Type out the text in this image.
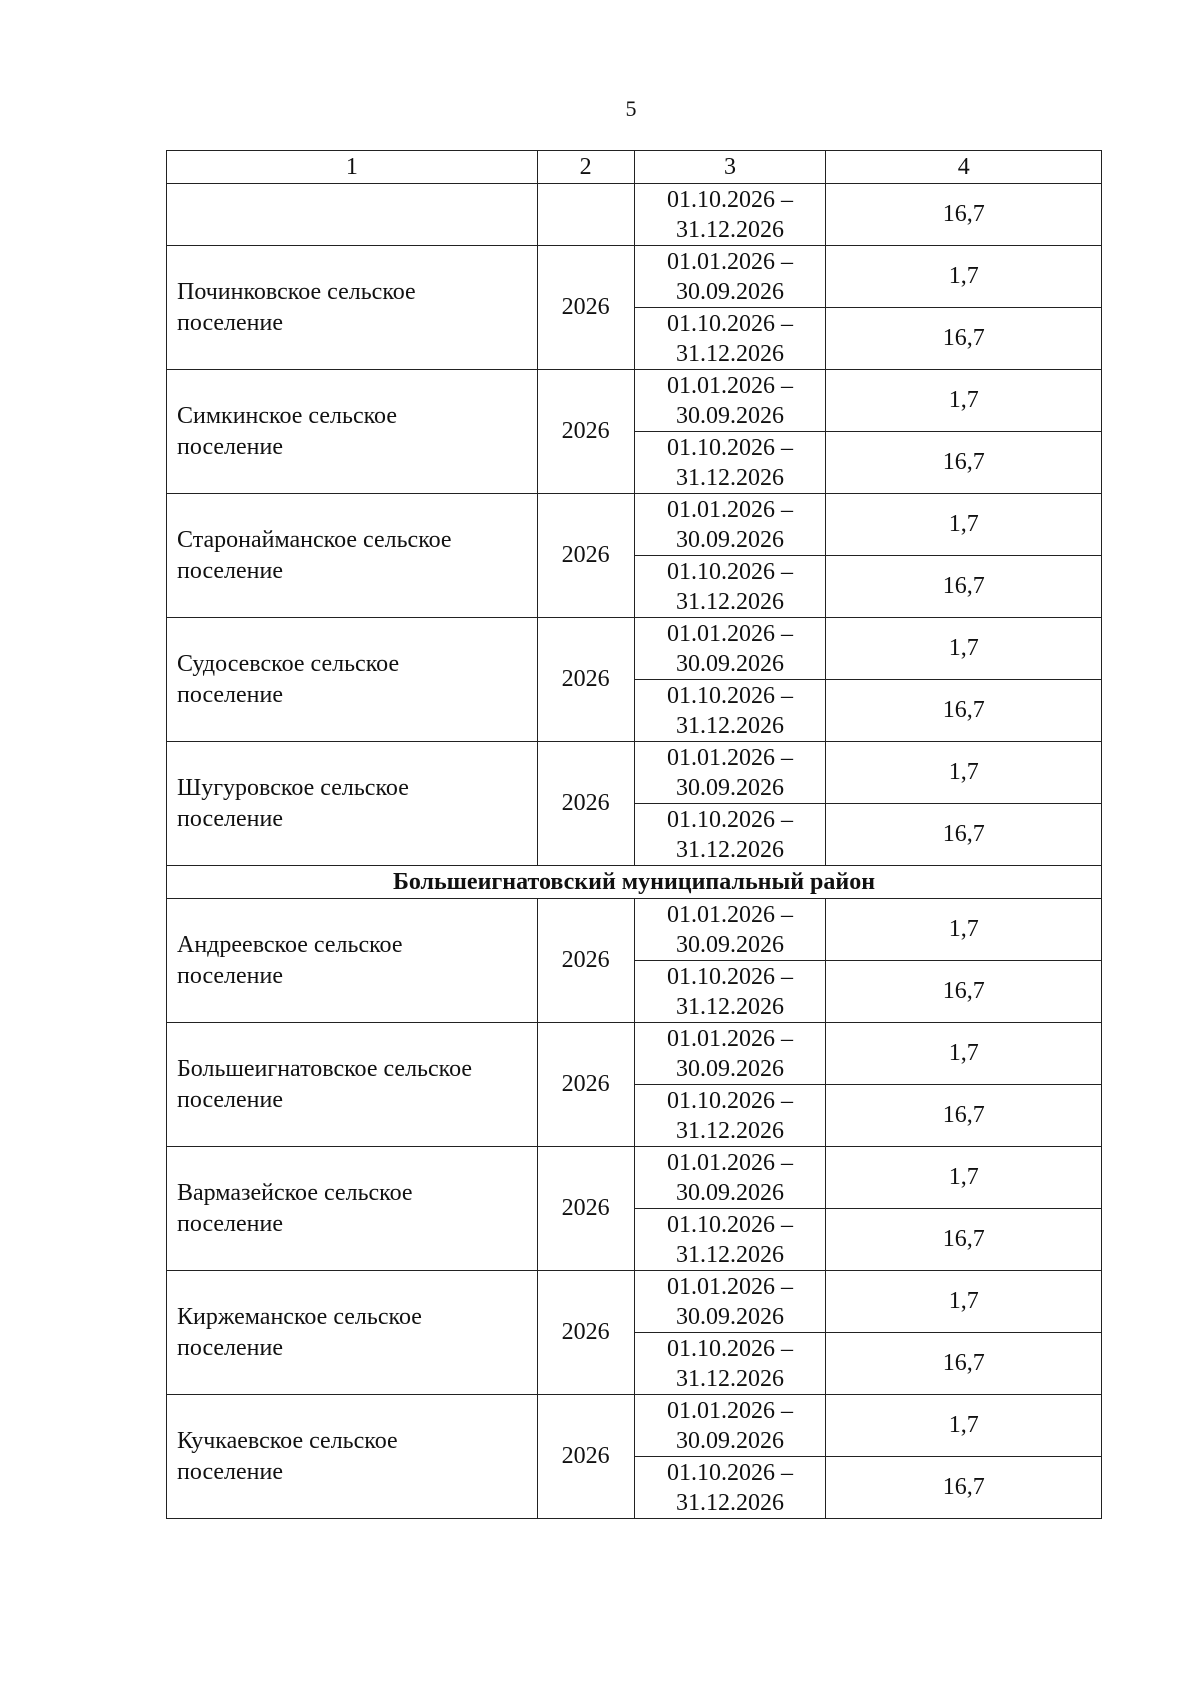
5
1	2	3	4
		01.10.2026 –
31.12.2026	16,7
Починковское сельское
поселение	2026	01.01.2026 –
30.09.2026	1,7
		01.10.2026 –
31.12.2026	16,7
Симкинское сельское
поселение	2026	01.01.2026 –
30.09.2026	1,7
		01.10.2026 –
31.12.2026	16,7
Старонайманское сельское
поселение	2026	01.01.2026 –
30.09.2026	1,7
		01.10.2026 –
31.12.2026	16,7
Судосевское сельское
поселение	2026	01.01.2026 –
30.09.2026	1,7
		01.10.2026 –
31.12.2026	16,7
Шугуровское сельское
поселение	2026	01.01.2026 –
30.09.2026	1,7
		01.10.2026 –
31.12.2026	16,7
Большеигнатовский муниципальный район			
Андреевское сельское
поселение	2026	01.01.2026 –
30.09.2026	1,7
		01.10.2026 –
31.12.2026	16,7
Большеигнатовское сельское
поселение	2026	01.01.2026 –
30.09.2026	1,7
		01.10.2026 –
31.12.2026	16,7
Вармазейское сельское
поселение	2026	01.01.2026 –
30.09.2026	1,7
		01.10.2026 –
31.12.2026	16,7
Киржеманское сельское
поселение	2026	01.01.2026 –
30.09.2026	1,7
		01.10.2026 –
31.12.2026	16,7
Кучкаевское сельское
поселение	2026	01.01.2026 –
30.09.2026	1,7
		01.10.2026 –
31.12.2026	16,7
